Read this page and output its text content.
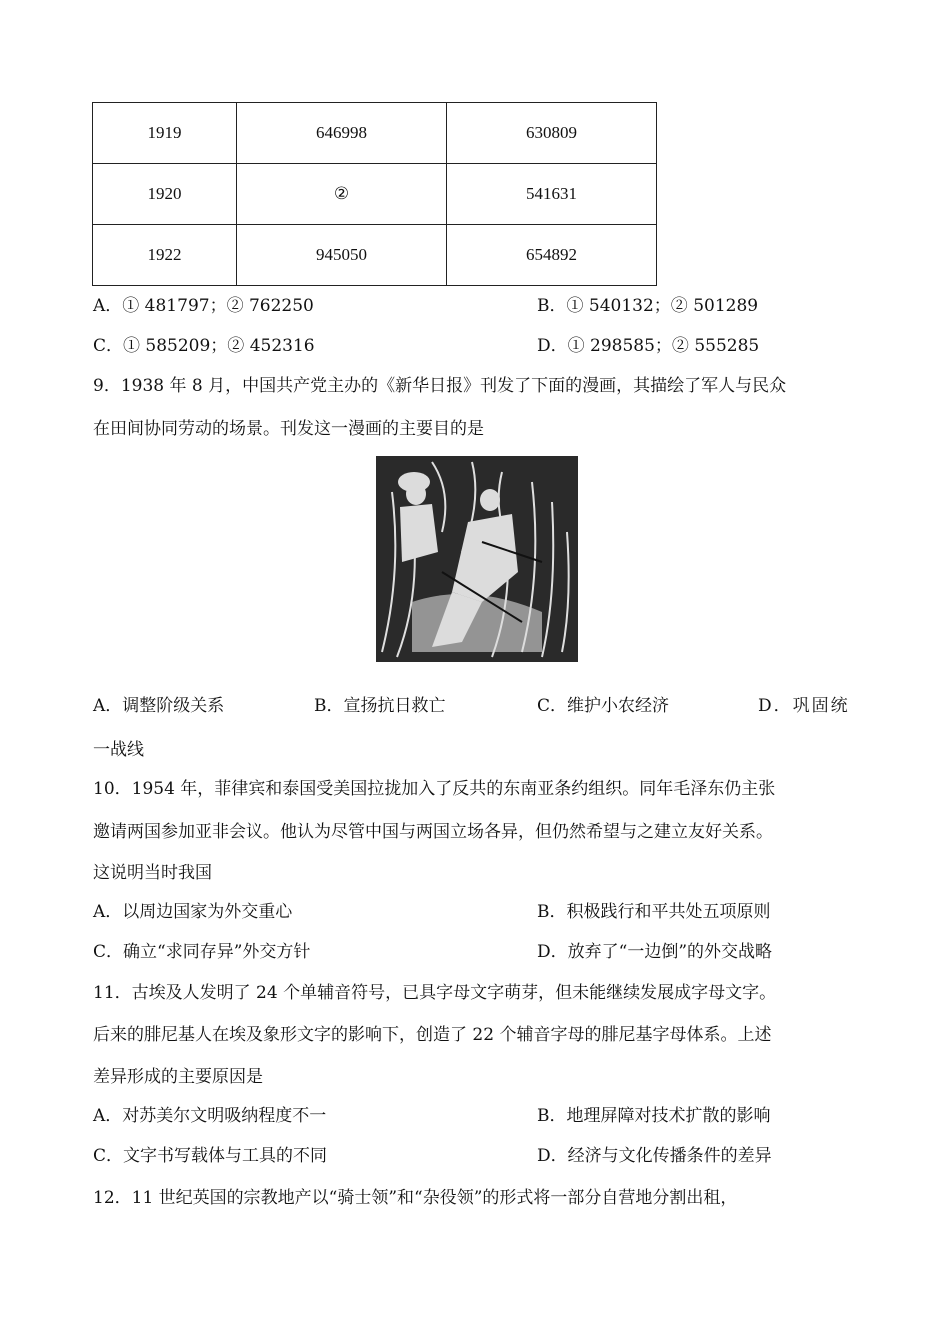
1919	646998	630809
1920	②	541631
1922	945050	654892
A．① 481797；② 762250	B．① 540132；② 501289
C．① 585209；② 452316	D．① 298585；② 555285
9．1938 年 8 月，中国共产党主办的《新华日报》刊发了下面的漫画，其描绘了军人与民众
在田间协同劳动的场景。刊发这一漫画的主要目的是
A．调整阶级关系	B．宣扬抗日救亡	C．维护小农经济	D．巩固统
一战线
10．1954 年，菲律宾和泰国受美国拉拢加入了反共的东南亚条约组织。同年毛泽东仍主张
邀请两国参加亚非会议。他认为尽管中国与两国立场各异，但仍然希望与之建立友好关系。
这说明当时我国
A．以周边国家为外交重心	B．积极践行和平共处五项原则
C．确立“求同存异”外交方针	D．放弃了“一边倒”的外交战略
11．古埃及人发明了 24 个单辅音符号，已具字母文字萌芽，但未能继续发展成字母文字。
后来的腓尼基人在埃及象形文字的影响下，创造了 22 个辅音字母的腓尼基字母体系。上述
差异形成的主要原因是
A．对苏美尔文明吸纳程度不一	B．地理屏障对技术扩散的影响
C．文字书写载体与工具的不同	D．经济与文化传播条件的差异
12．11 世纪英国的宗教地产以“骑士领”和“杂役领”的形式将一部分自营地分割出租，
